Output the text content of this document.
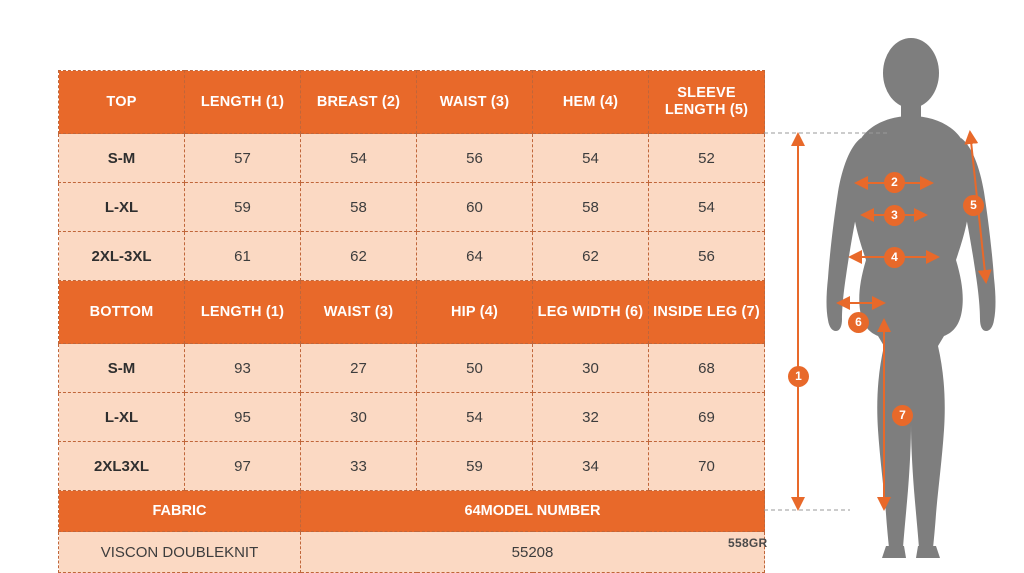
TOP	LENGTH (1)	BREAST (2)	WAIST (3)	HEM (4)	SLEEVE LENGTH (5)
S-M	57	54	56	54	52
L-XL	59	58	60	58	54
2XL-3XL	61	62	64	62	56
BOTTOM	LENGTH (1)	WAIST (3)	HIP (4)	LEG WIDTH (6)	INSIDE LEG (7)
S-M	93	27	50	30	68
L-XL	95	30	54	32	69
2XL3XL	97	33	59	34	70
FABRIC		64MODEL NUMBER			
VISCON DOUBLEKNIT		55208			
558GR
1
2
3
4
5
6
7
